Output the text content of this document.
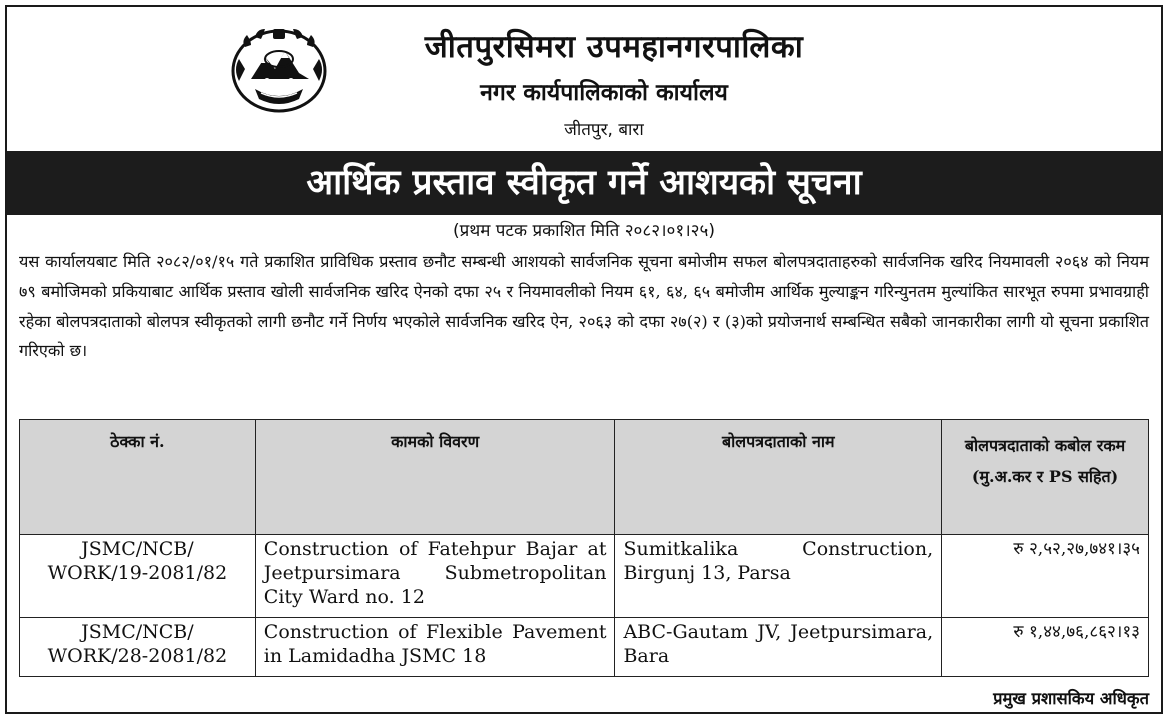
जीतपुरसिमरा उपमहानगरपालिका
नगर कार्यपालिकाको कार्यालय
जीतपुर, बारा
आर्थिक प्रस्ताव स्वीकृत गर्ने आशयको सूचना
(प्रथम पटक प्रकाशित मिति २०८२।०१।२५)
यस कार्यालयबाट मिति २०८२/०१/१५ गते प्रकाशित प्राविधिक प्रस्ताव छनौट सम्बन्धी आशयको सार्वजनिक सूचना बमोजीम सफल बोलपत्रदाताहरुको सार्वजनिक खरिद नियमावली २०६४ को नियम ७९ बमोजिमको प्रकियाबाट आर्थिक प्रस्ताव खोली सार्वजनिक खरिद ऐनको दफा २५ र नियमावलीको नियम ६१, ६४, ६५ बमोजीम आर्थिक मुल्याङ्कन गरिन्युनतम मुल्यांकित सारभूत रुपमा प्रभावग्राही रहेका बोलपत्रदाताको बोलपत्र स्वीकृतको लागी छनौट गर्ने निर्णय भएकोले सार्वजनिक खरिद ऐन, २०६३ को दफा २७(२) र (३)को प्रयोजनार्थ सम्बन्धित सबैको जानकारीका लागी यो सूचना प्रकाशित गरिएको छ।
ठेक्का नं.	कामको विवरण	बोलपत्रदाताको नाम	बोलपत्रदाताको कबोल रकम (मु.अ.कर र PS सहित)
JSMC/NCB/ WORK/19-2081/82	Construction of Fatehpur Bajar at Jeetpursimara Submetropolitan City Ward no. 12	Sumitkalika Construction, Birgunj 13, Parsa	रु २,५२,२७,७४१।३५
JSMC/NCB/ WORK/28-2081/82	Construction of Flexible Pavement in Lamidadha JSMC 18	ABC-Gautam JV, Jeetpursimara, Bara	रु १,४४,७६,८६२।१३
प्रमुख प्रशासकिय अधिकृत
